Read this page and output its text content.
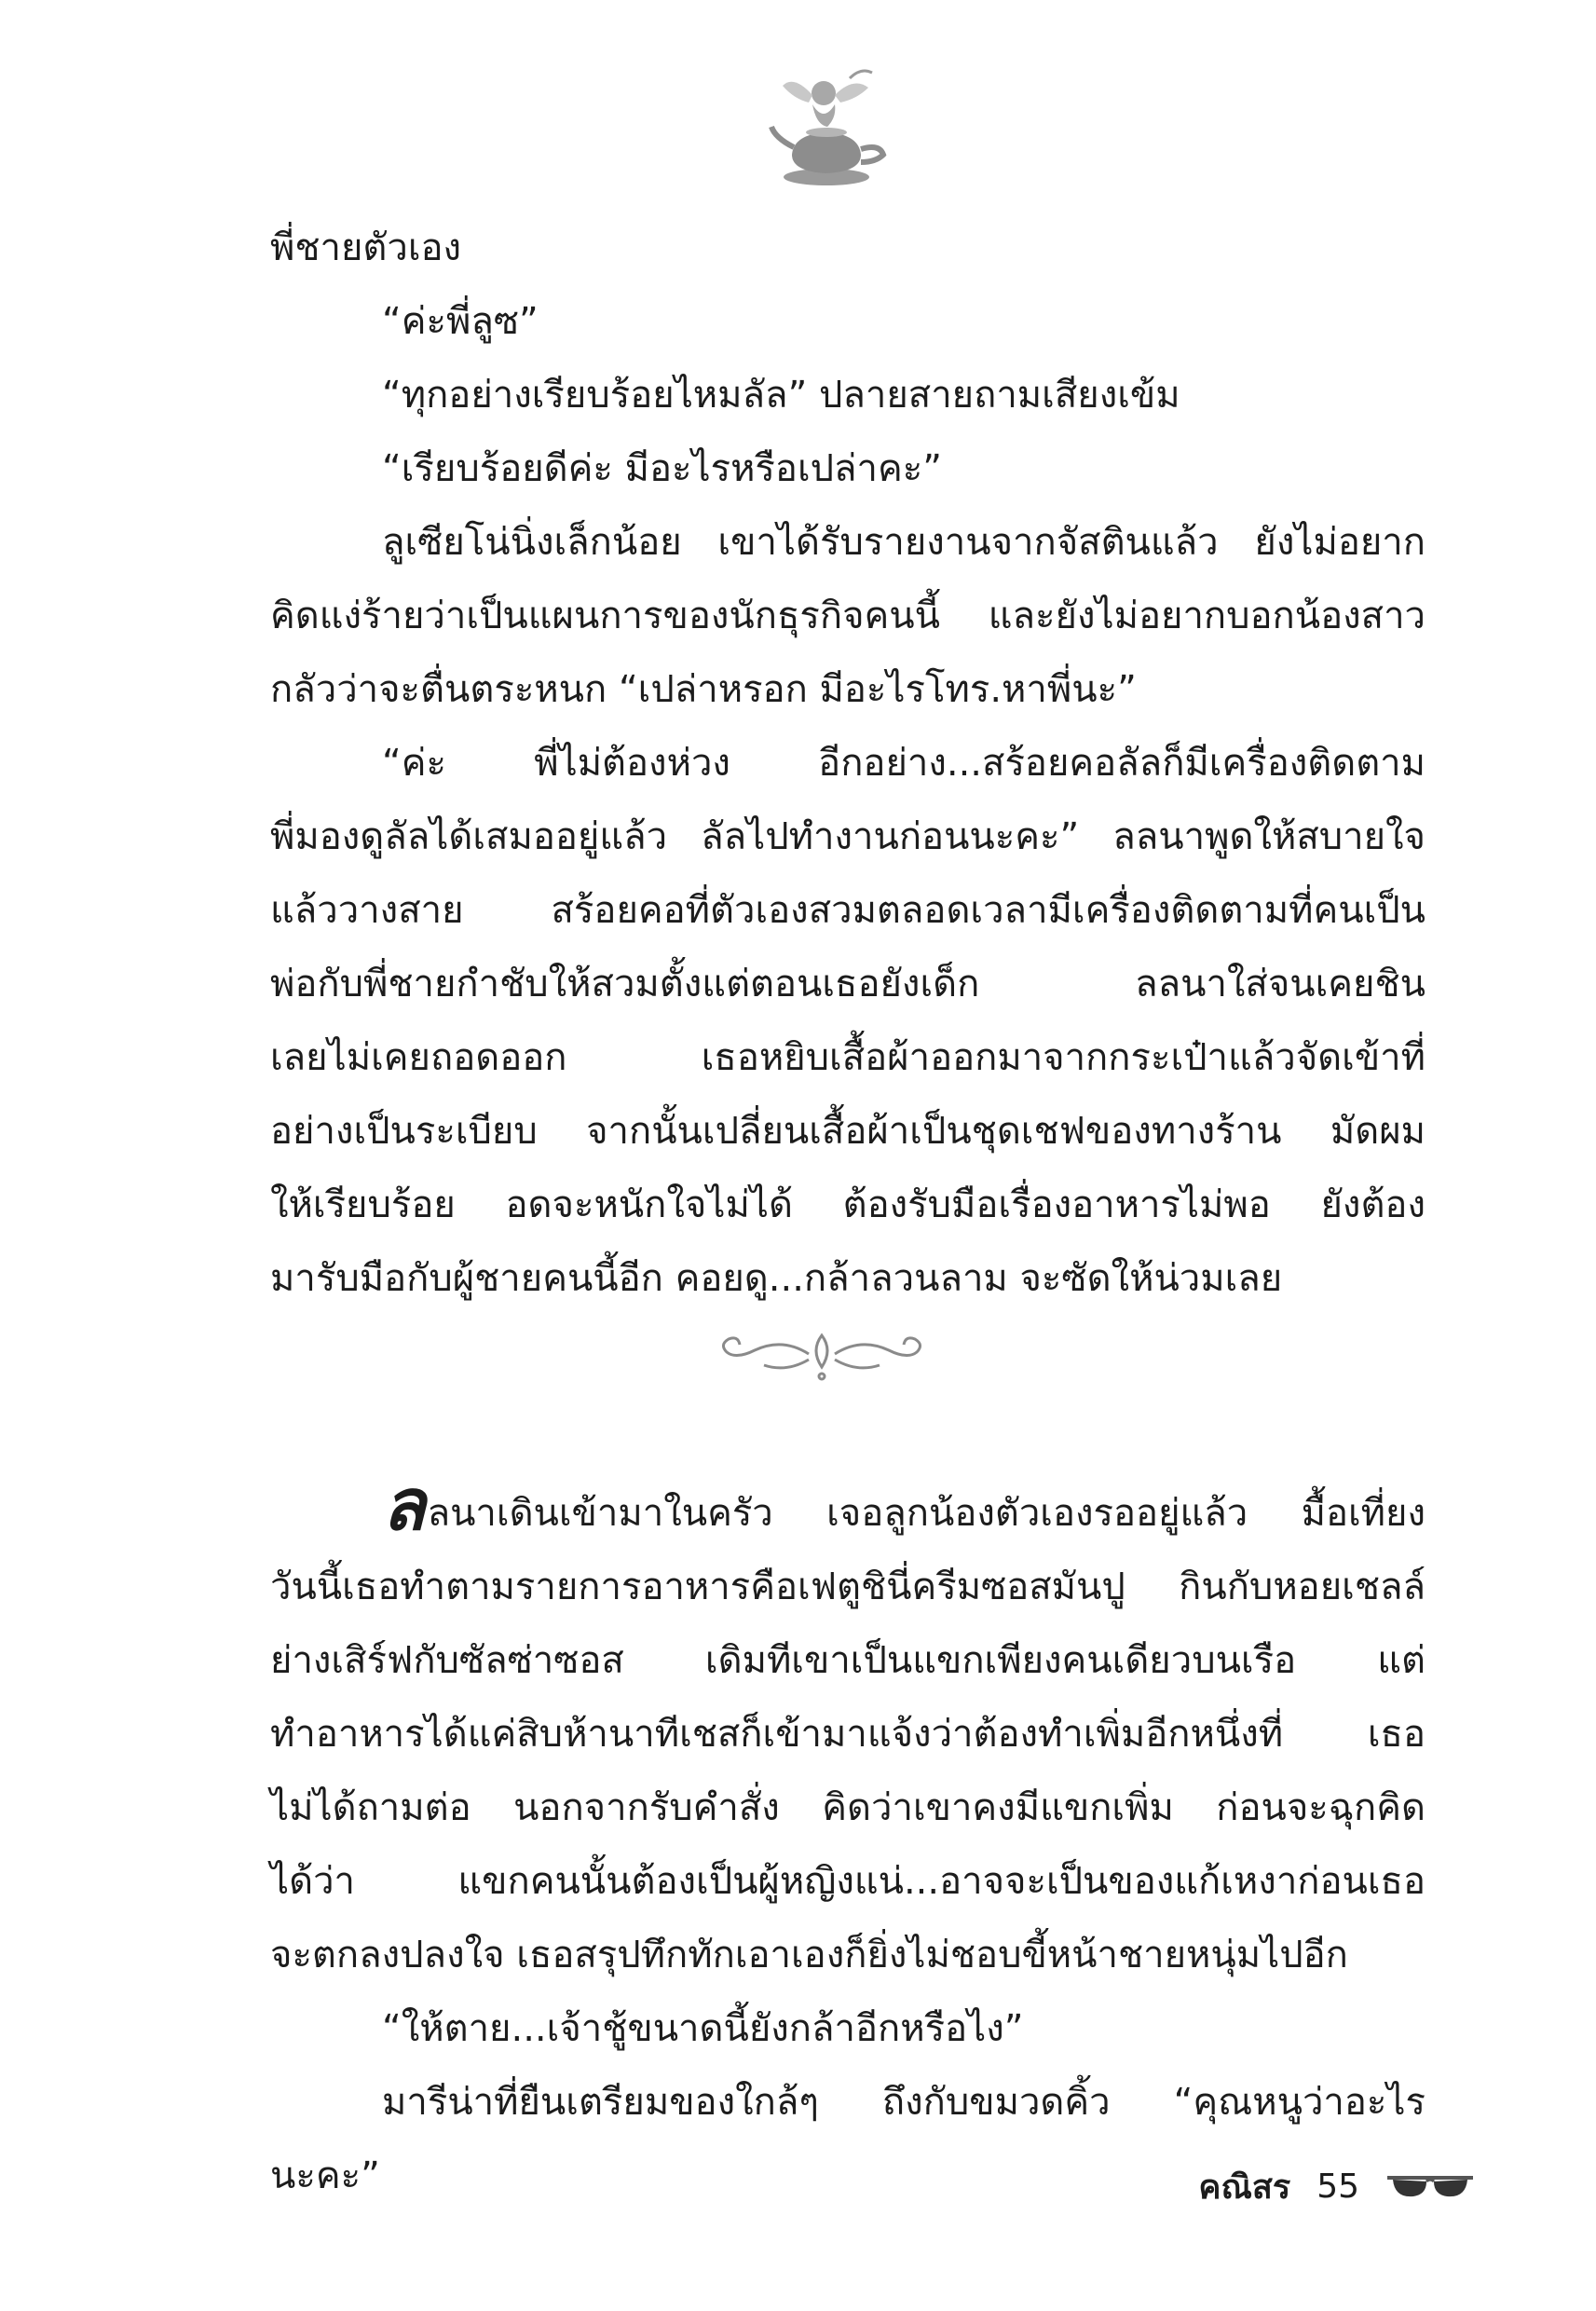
พี่ชายตัวเอง
“ค่ะพี่ลูซ”
“ทุกอย่างเรียบร้อยไหมลัล” ปลายสายถามเสียงเข้ม
“เรียบร้อยดีค่ะ มีอะไรหรือเปล่าคะ”
ลูเซียโน่นิ่งเล็กน้อย เขาได้รับรายงานจากจัสตินแล้ว ยังไม่อยาก
คิดแง่ร้ายว่าเป็นแผนการของนักธุรกิจคนนี้ และยังไม่อยากบอกน้องสาว
กลัวว่าจะตื่นตระหนก “เปล่าหรอก มีอะไรโทร.หาพี่นะ”
“ค่ะ พี่ไม่ต้องห่วง อีกอย่าง...สร้อยคอลัลก็มีเครื่องติดตาม
พี่มองดูลัลได้เสมออยู่แล้ว ลัลไปทำงานก่อนนะคะ” ลลนาพูดให้สบายใจ
แล้ววางสาย สร้อยคอที่ตัวเองสวมตลอดเวลามีเครื่องติดตามที่คนเป็น
พ่อกับพี่ชายกำชับให้สวมตั้งแต่ตอนเธอยังเด็ก ลลนาใส่จนเคยชิน
เลยไม่เคยถอดออก เธอหยิบเสื้อผ้าออกมาจากกระเป๋าแล้วจัดเข้าที่
อย่างเป็นระเบียบ จากนั้นเปลี่ยนเสื้อผ้าเป็นชุดเชฟของทางร้าน มัดผม
ให้เรียบร้อย อดจะหนักใจไม่ได้ ต้องรับมือเรื่องอาหารไม่พอ ยังต้อง
มารับมือกับผู้ชายคนนี้อีก คอยดู...กล้าลวนลาม จะซัดให้น่วมเลย
ลลนาเดินเข้ามาในครัว เจอลูกน้องตัวเองรออยู่แล้ว มื้อเที่ยง
วันนี้เธอทำตามรายการอาหารคือเฟตูชินี่ครีมซอสมันปู กินกับหอยเชลล์
ย่างเสิร์ฟกับซัลซ่าซอส เดิมทีเขาเป็นแขกเพียงคนเดียวบนเรือ แต่
ทำอาหารได้แค่สิบห้านาทีเชสก็เข้ามาแจ้งว่าต้องทำเพิ่มอีกหนึ่งที่ เธอ
ไม่ได้ถามต่อ นอกจากรับคำสั่ง คิดว่าเขาคงมีแขกเพิ่ม ก่อนจะฉุกคิด
ได้ว่า แขกคนนั้นต้องเป็นผู้หญิงแน่...อาจจะเป็นของแก้เหงาก่อนเธอ
จะตกลงปลงใจ เธอสรุปทึกทักเอาเองก็ยิ่งไม่ชอบขี้หน้าชายหนุ่มไปอีก
“ให้ตาย...เจ้าชู้ขนาดนี้ยังกล้าอีกหรือไง”
มารีน่าที่ยืนเตรียมของใกล้ๆ ถึงกับขมวดคิ้ว “คุณหนูว่าอะไร
นะคะ”	คณิสร 55
